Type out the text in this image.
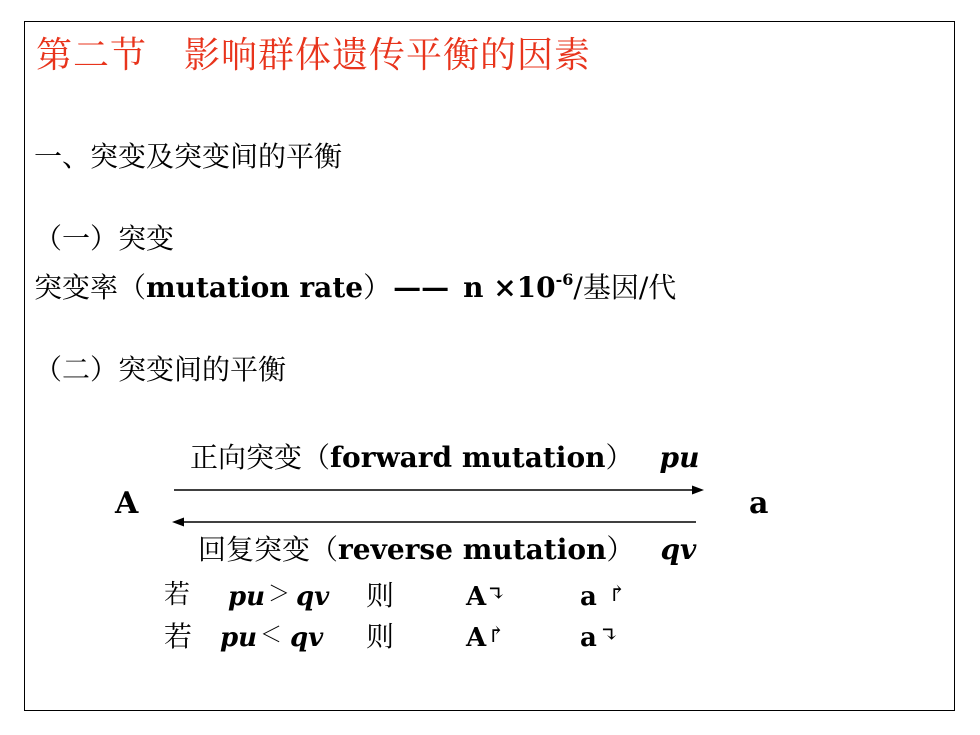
第二节　影响群体遗传平衡的因素
一、突变及突变间的平衡
（一）突变
突变率（mutation rate）—— $n \times 10^{-6}/$基因/代
（二）突变间的平衡
正向突变（forward mutation） pu
A	a
回复突变（reverse mutation） qv
若 pu ＞ qv 则	A ↴	a ↱
若 pu ＜ qv 则	A ↱	a ↴
